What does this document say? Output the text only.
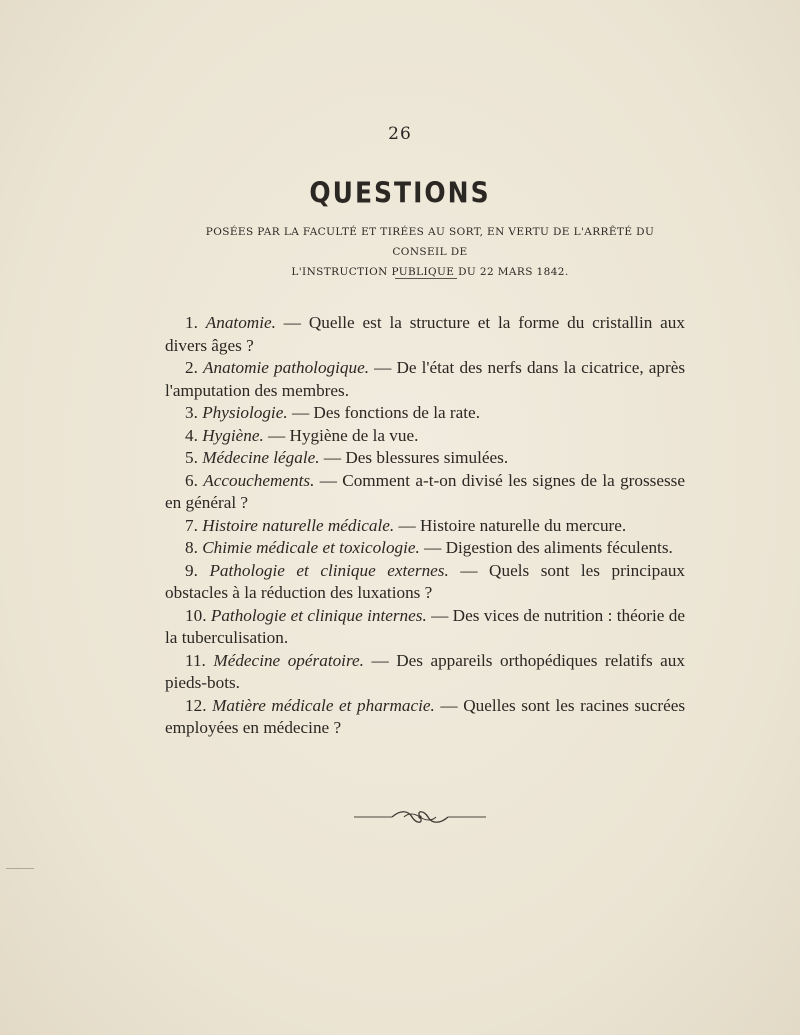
26
QUESTIONS
POSÉES PAR LA FACULTÉ ET TIRÉES AU SORT, EN VERTU DE L'ARRÊTÉ DU CONSEIL DE
L'INSTRUCTION PUBLIQUE DU 22 MARS 1842.

1. Anatomie. — Quelle est la structure et la forme du cristallin aux divers âges ?

2. Anatomie pathologique. — De l'état des nerfs dans la cicatrice, après l'amputation des membres.

3. Physiologie. — Des fonctions de la rate.

4. Hygiène. — Hygiène de la vue.

5. Médecine légale. — Des blessures simulées.

6. Accouchements. — Comment a-t-on divisé les signes de la grossesse en général ?

7. Histoire naturelle médicale. — Histoire naturelle du mercure.

8. Chimie médicale et toxicologie. — Digestion des aliments féculents.

9. Pathologie et clinique externes. — Quels sont les principaux obstacles à la réduction des luxations ?

10. Pathologie et clinique internes. — Des vices de nutrition : théorie de la tuberculisation.

11. Médecine opératoire. — Des appareils orthopédiques relatifs aux pieds-bots.

12. Matière médicale et pharmacie. — Quelles sont les racines sucrées employées en médecine ?
